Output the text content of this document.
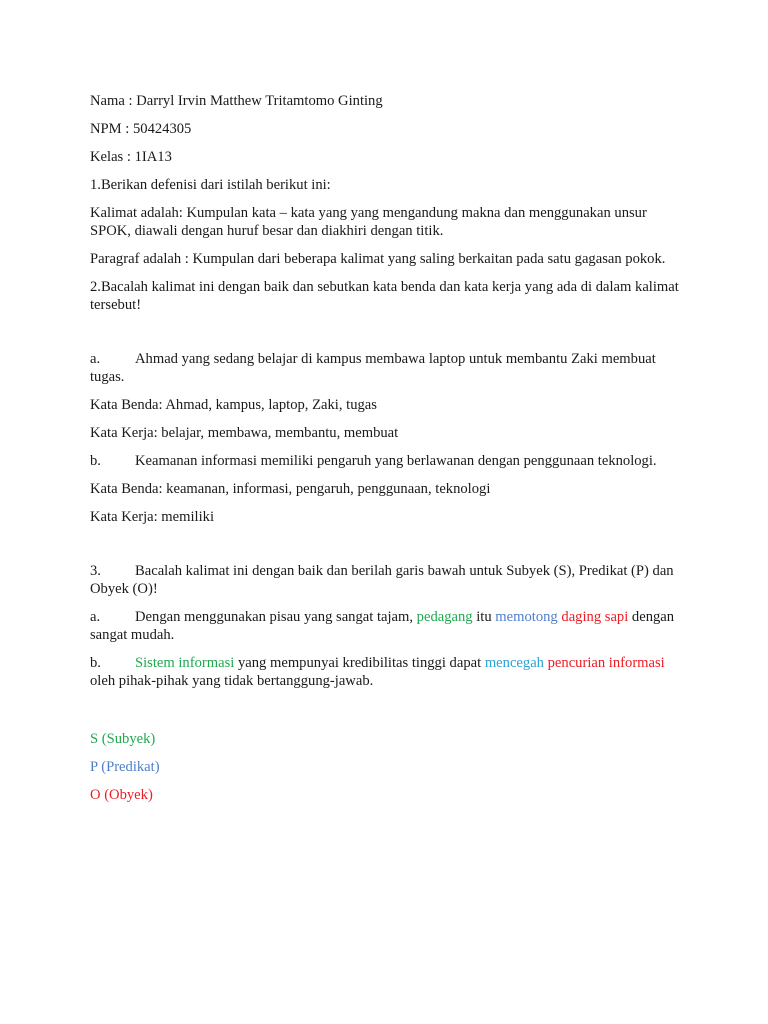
Nama : Darryl Irvin Matthew Tritamtomo Ginting
NPM : 50424305
Kelas : 1IA13
1.Berikan defenisi dari istilah berikut ini:
Kalimat adalah: Kumpulan kata – kata yang yang mengandung makna dan menggunakan unsur SPOK, diawali dengan huruf besar dan diakhiri dengan titik.
Paragraf adalah : Kumpulan dari beberapa kalimat yang saling berkaitan pada satu gagasan pokok.
2.Bacalah kalimat ini dengan baik dan sebutkan kata benda dan kata kerja yang ada di dalam kalimat tersebut!
a. Ahmad yang sedang belajar di kampus membawa laptop untuk membantu Zaki membuat tugas.
Kata Benda: Ahmad, kampus, laptop, Zaki, tugas
Kata Kerja: belajar, membawa, membantu, membuat
b. Keamanan informasi memiliki pengaruh yang berlawanan dengan penggunaan teknologi.
Kata Benda: keamanan, informasi, pengaruh, penggunaan, teknologi
Kata Kerja: memiliki
3. Bacalah kalimat ini dengan baik dan berilah garis bawah untuk Subyek (S), Predikat (P) dan Obyek (O)!
a. Dengan menggunakan pisau yang sangat tajam, pedagang itu memotong daging sapi dengan sangat mudah.
b. Sistem informasi yang mempunyai kredibilitas tinggi dapat mencegah pencurian informasi oleh pihak-pihak yang tidak bertanggung-jawab.
S (Subyek)
P (Predikat)
O (Obyek)
